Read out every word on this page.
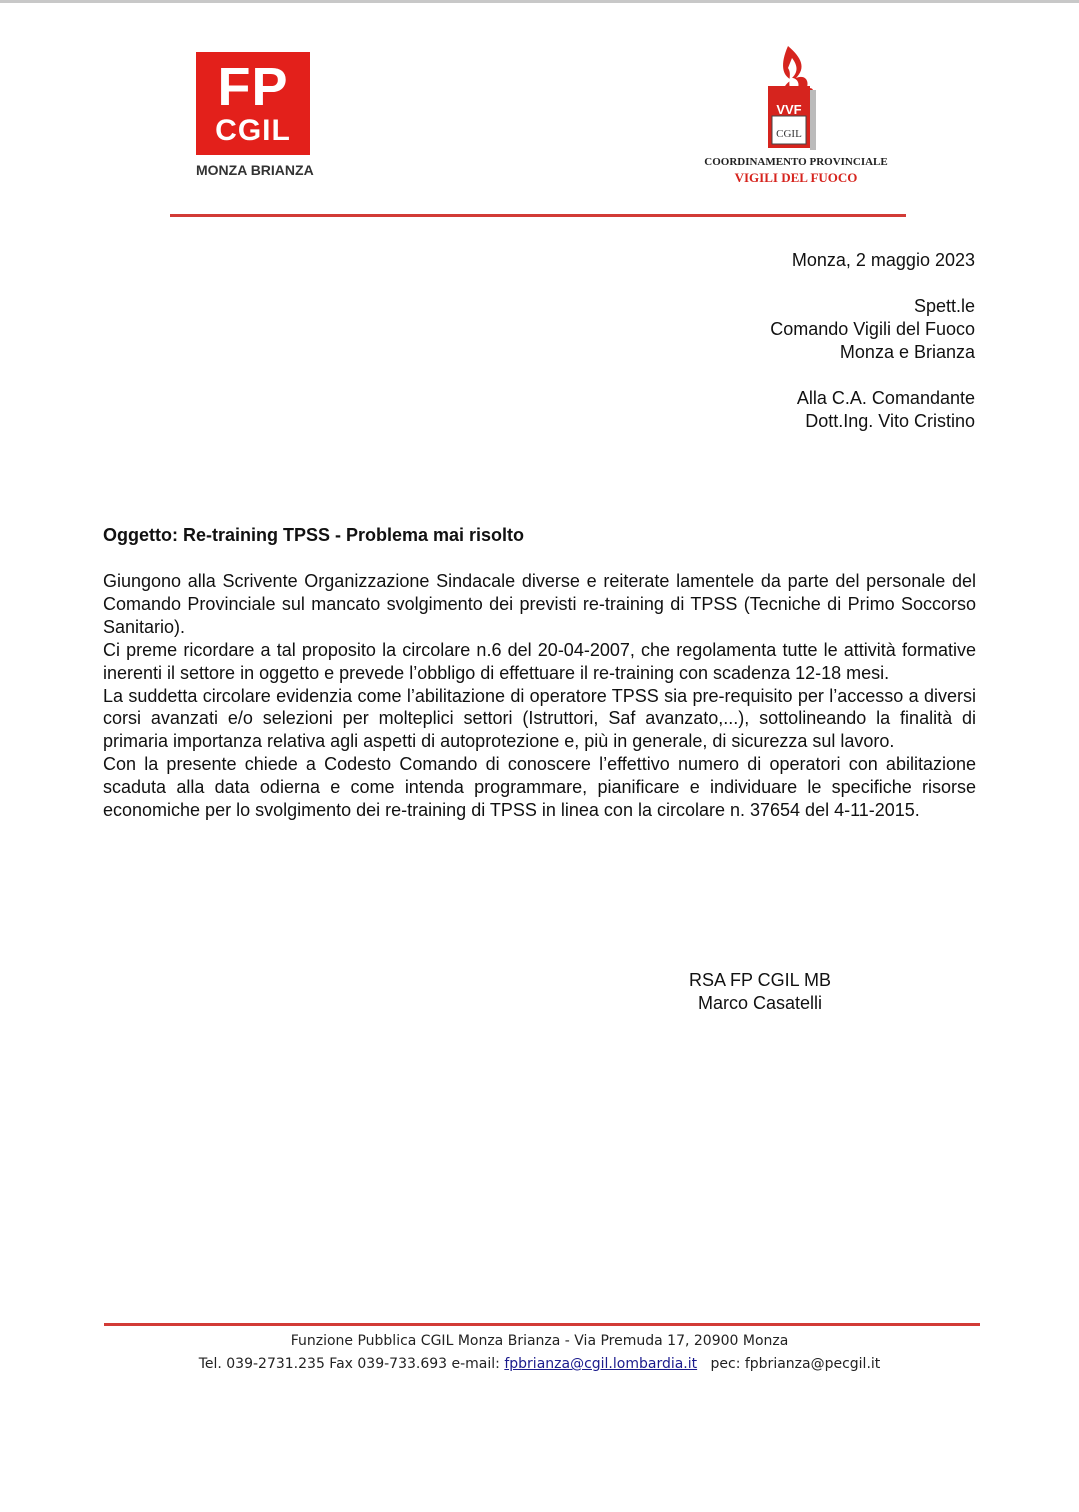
FP
CGIL
MONZA BRIANZA
VVF
CGIL
COORDINAMENTO PROVINCIALE
VIGILI DEL FUOCO
Monza, 2 maggio 2023
Spett.le
Comando Vigili del Fuoco
Monza e Brianza
Alla C.A. Comandante
Dott.Ing. Vito Cristino
Oggetto: Re-training TPSS - Problema mai risolto

Giungono alla Scrivente Organizzazione Sindacale diverse e reiterate lamentele da parte del personale del Comando Provinciale sul mancato svolgimento dei previsti re-training di TPSS (Tecniche di Primo Soccorso Sanitario).

Ci preme ricordare a tal proposito la circolare n.6 del 20-04-2007, che regolamenta tutte le attività formative inerenti il settore in oggetto e prevede l’obbligo di effettuare il re-training con scadenza 12-18 mesi.

La suddetta circolare evidenzia come l’abilitazione di operatore TPSS sia pre-requisito per l’accesso a diversi corsi avanzati e/o selezioni per molteplici settori (Istruttori, Saf avanzato,...), sottolineando la finalità di primaria importanza relativa agli aspetti di autoprotezione e, più in generale, di sicurezza sul lavoro.

Con la presente chiede a Codesto Comando di conoscere l’effettivo numero di operatori con abilitazione scaduta alla data odierna e come intenda programmare, pianificare e individuare le specifiche risorse economiche per lo svolgimento dei re-training di TPSS in linea con la circolare n. 37654 del 4-11-2015.

RSA FP CGIL MB
Marco Casatelli
Funzione Pubblica CGIL Monza Brianza - Via Premuda 17, 20900 Monza
Tel. 039-2731.235 Fax 039-733.693 e-mail: fpbrianza@cgil.lombardia.it   pec: fpbrianza@pecgil.it
